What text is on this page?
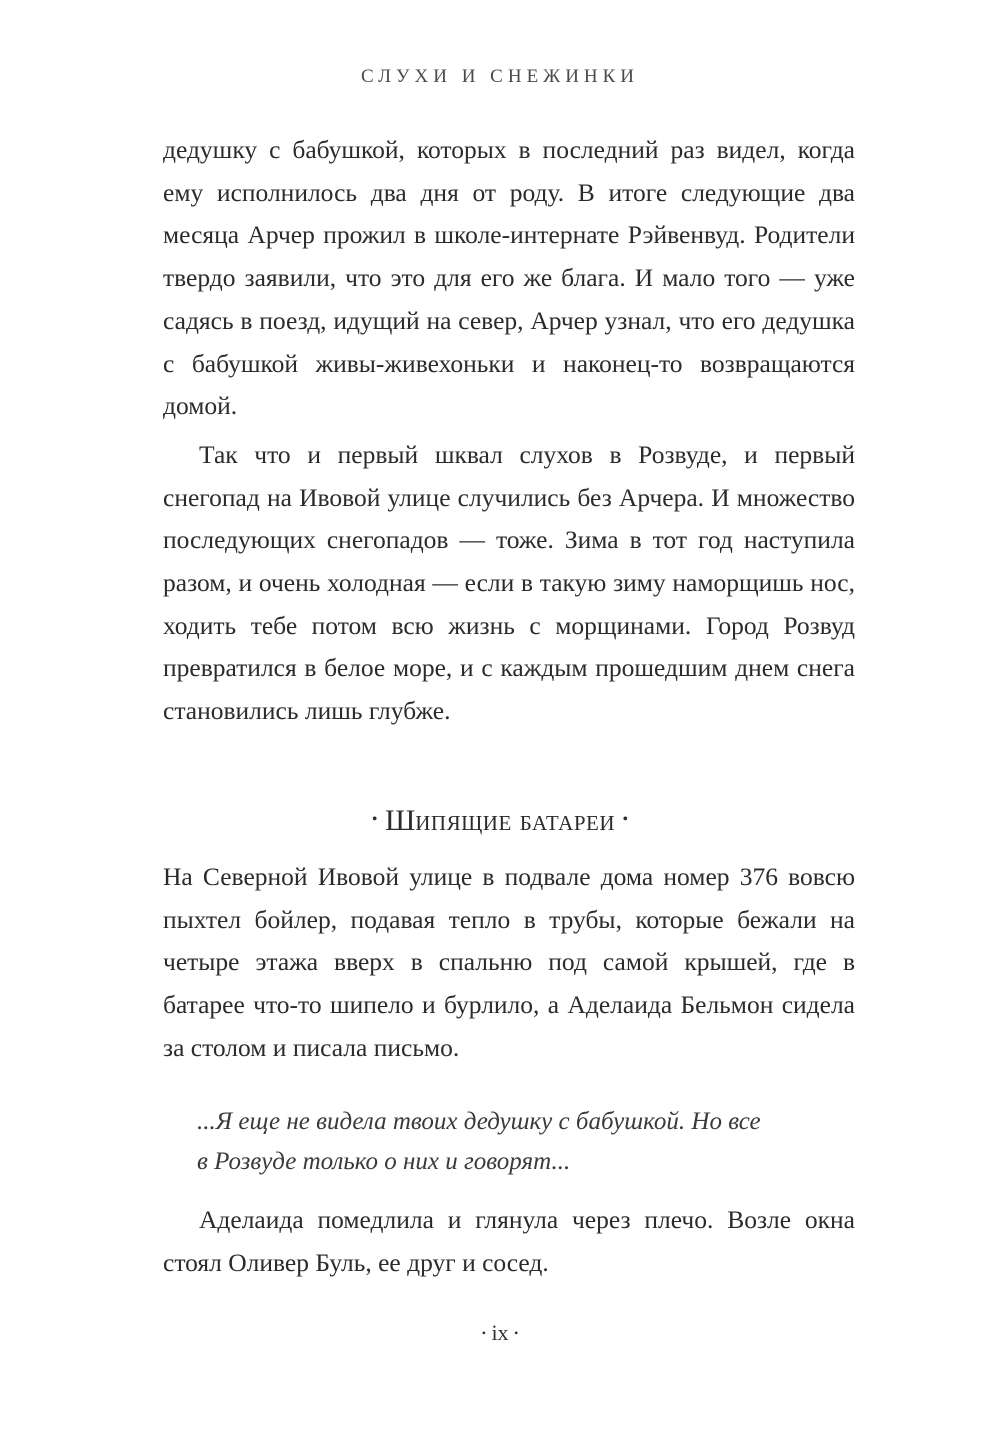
СЛУХИ И СНЕЖИНКИ

дедушку с бабушкой, которых в последний раз видел, когда ему исполнилось два дня от роду. В итоге следующие два месяца Арчер прожил в школе-интернате Рэйвенвуд. Родители твердо заявили, что это для его же блага. И мало того — уже садясь в поезд, идущий на север, Арчер узнал, что его дедушка с бабушкой живы-живехоньки и наконец-то возвращаются домой.

Так что и первый шквал слухов в Розвуде, и первый снегопад на Ивовой улице случились без Арчера. И множество последующих снегопадов — тоже. Зима в тот год наступила разом, и очень холодная — если в такую зиму наморщишь нос, ходить тебе потом всю жизнь с морщинами. Город Розвуд превратился в белое море, и с каждым прошедшим днем снега становились лишь глубже.

• Шипящие батареи •

На Северной Ивовой улице в подвале дома номер 376 вовсю пыхтел бойлер, подавая тепло в трубы, которые бежали на четыре этажа вверх в спальню под самой крышей, где в батарее что-то шипело и бурлило, а Аделаида Бельмон сидела за столом и писала письмо.

...Я еще не видела твоих дедушку с бабушкой. Но все
в Розвуде только о них и говорят...

Аделаида помедлила и глянула через плечо. Возле окна стоял Оливер Буль, ее друг и сосед.

• ix •
